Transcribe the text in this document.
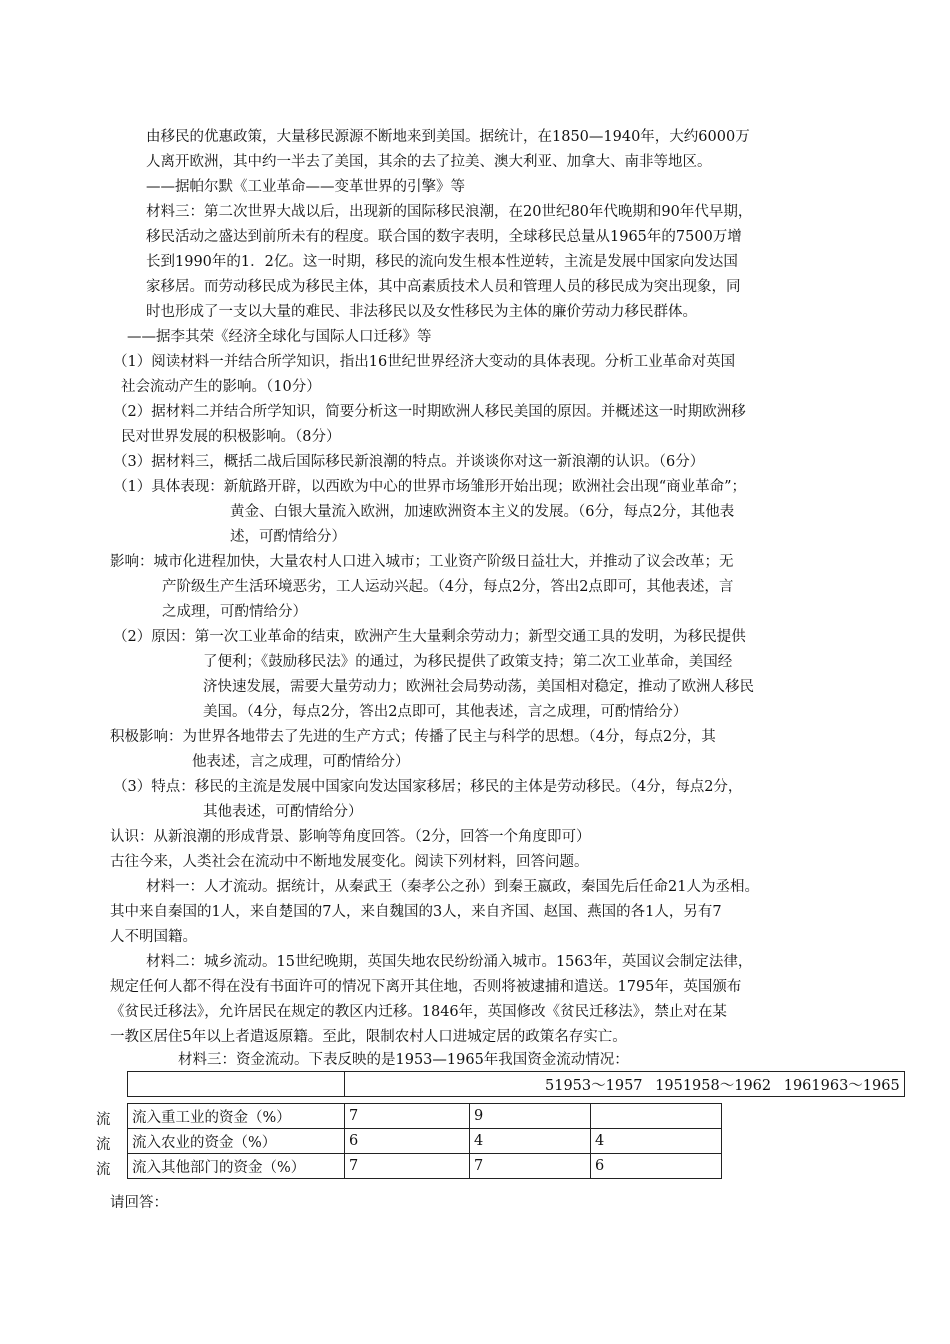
由移民的优惠政策，大量移民源源不断地来到美国。据统计，在1850—1940年，大约6000万
人离开欧洲，其中约一半去了美国，其余的去了拉美、澳大利亚、加拿大、南非等地区。
——据帕尔默《工业革命——变革世界的引擎》等
材料三：第二次世界大战以后，出现新的国际移民浪潮，在20世纪80年代晚期和90年代早期，
移民活动之盛达到前所未有的程度。联合国的数字表明，全球移民总量从1965年的7500万增
长到1990年的1．2亿。这一时期，移民的流向发生根本性逆转，主流是发展中国家向发达国
家移居。而劳动移民成为移民主体，其中高素质技术人员和管理人员的移民成为突出现象，同
时也形成了一支以大量的难民、非法移民以及女性移民为主体的廉价劳动力移民群体。
——据李其荣《经济全球化与国际人口迁移》等
（1）阅读材料一并结合所学知识，指出16世纪世界经济大变动的具体表现。分析工业革命对英国
社会流动产生的影响。（10分）
（2）据材料二并结合所学知识，简要分析这一时期欧洲人移民美国的原因。并概述这一时期欧洲移
民对世界发展的积极影响。（8分）
（3）据材料三，概括二战后国际移民新浪潮的特点。并谈谈你对这一新浪潮的认识。（6分）
（1）具体表现：新航路开辟，以西欧为中心的世界市场雏形开始出现；欧洲社会出现“商业革命”；
黄金、白银大量流入欧洲，加速欧洲资本主义的发展。（6分，每点2分，其他表
述，可酌情给分）
影响：城市化进程加快，大量农村人口进入城市；工业资产阶级日益壮大，并推动了议会改革；无
产阶级生产生活环境恶劣，工人运动兴起。（4分，每点2分，答出2点即可，其他表述，言
之成理，可酌情给分）
（2）原因：第一次工业革命的结束，欧洲产生大量剩余劳动力；新型交通工具的发明，为移民提供
了便利；《鼓励移民法》的通过，为移民提供了政策支持；第二次工业革命，美国经
济快速发展，需要大量劳动力；欧洲社会局势动荡，美国相对稳定，推动了欧洲人移民
美国。（4分，每点2分，答出2点即可，其他表述，言之成理，可酌情给分）
积极影响：为世界各地带去了先进的生产方式；传播了民主与科学的思想。（4分，每点2分，其
他表述，言之成理，可酌情给分）
（3）特点：移民的主流是发展中国家向发达国家移居；移民的主体是劳动移民。（4分，每点2分，
其他表述，可酌情给分）
认识：从新浪潮的形成背景、影响等角度回答。（2分，回答一个角度即可）
古往今来，人类社会在流动中不断地发展变化。阅读下列材料，回答问题。
材料一：人才流动。据统计，从秦武王（秦孝公之孙）到秦王嬴政，秦国先后任命21人为丞相。
其中来自秦国的1人，来自楚国的7人，来自魏国的3人，来自齐国、赵国、燕国的各1人，另有7
人不明国籍。
材料二：城乡流动。15世纪晚期，英国失地农民纷纷涌入城市。1563年，英国议会制定法律，
规定任何人都不得在没有书面许可的情况下离开其住地，否则将被逮捕和遣送。1795年，英国颁布
《贫民迁移法》，允许居民在规定的教区内迁移。1846年，英国修改《贫民迁移法》，禁止对在某
一教区居住5年以上者遣返原籍。至此，限制农村人口进城定居的政策名存实亡。
材料三：资金流动。下表反映的是1953—1965年我国资金流动情况：
流
流
流
	51953～1957 1951958～1962 1961963～1965
流入重工业的资金（%）	7	9	
流入农业的资金（%）	6	4	4
流入其他部门的资金（%）	7	7	6
请回答：
